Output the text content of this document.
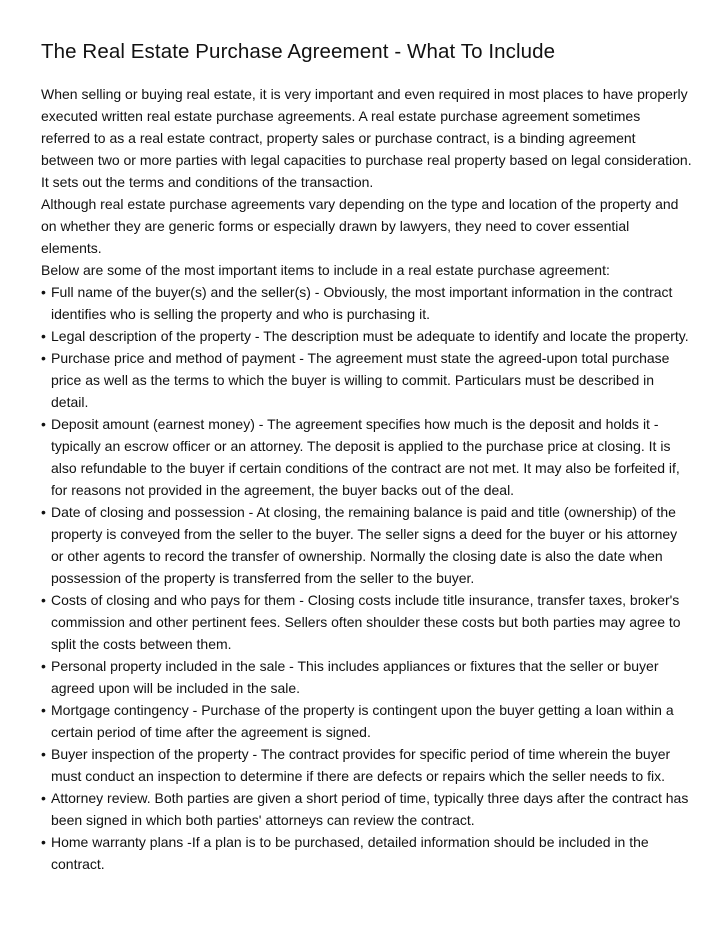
The Real Estate Purchase Agreement - What To Include

When selling or buying real estate, it is very important and even required in most places to have properly executed written real estate purchase agreements. A real estate purchase agreement sometimes referred to as a real estate contract, property sales or purchase contract, is a binding agreement between two or more parties with legal capacities to purchase real property based on legal consideration. It sets out the terms and conditions of the transaction.

Although real estate purchase agreements vary depending on the type and location of the property and on whether they are generic forms or especially drawn by lawyers, they need to cover essential elements.

Below are some of the most important items to include in a real estate purchase agreement:

• Full name of the buyer(s) and the seller(s) - Obviously, the most important information in the contract identifies who is selling the property and who is purchasing it.
• Legal description of the property - The description must be adequate to identify and locate the property.
• Purchase price and method of payment - The agreement must state the agreed-upon total purchase price as well as the terms to which the buyer is willing to commit. Particulars must be described in detail.
• Deposit amount (earnest money) - The agreement specifies how much is the deposit and holds it - typically an escrow officer or an attorney. The deposit is applied to the purchase price at closing. It is also refundable to the buyer if certain conditions of the contract are not met. It may also be forfeited if, for reasons not provided in the agreement, the buyer backs out of the deal.
• Date of closing and possession - At closing, the remaining balance is paid and title (ownership) of the property is conveyed from the seller to the buyer. The seller signs a deed for the buyer or his attorney or other agents to record the transfer of ownership. Normally the closing date is also the date when possession of the property is transferred from the seller to the buyer.
• Costs of closing and who pays for them - Closing costs include title insurance, transfer taxes, broker's commission and other pertinent fees. Sellers often shoulder these costs but both parties may agree to split the costs between them.
• Personal property included in the sale - This includes appliances or fixtures that the seller or buyer agreed upon will be included in the sale.
• Mortgage contingency - Purchase of the property is contingent upon the buyer getting a loan within a certain period of time after the agreement is signed.
• Buyer inspection of the property - The contract provides for specific period of time wherein the buyer must conduct an inspection to determine if there are defects or repairs which the seller needs to fix.
• Attorney review. Both parties are given a short period of time, typically three days after the contract has been signed in which both parties' attorneys can review the contract.
• Home warranty plans -If a plan is to be purchased, detailed information should be included in the contract.
